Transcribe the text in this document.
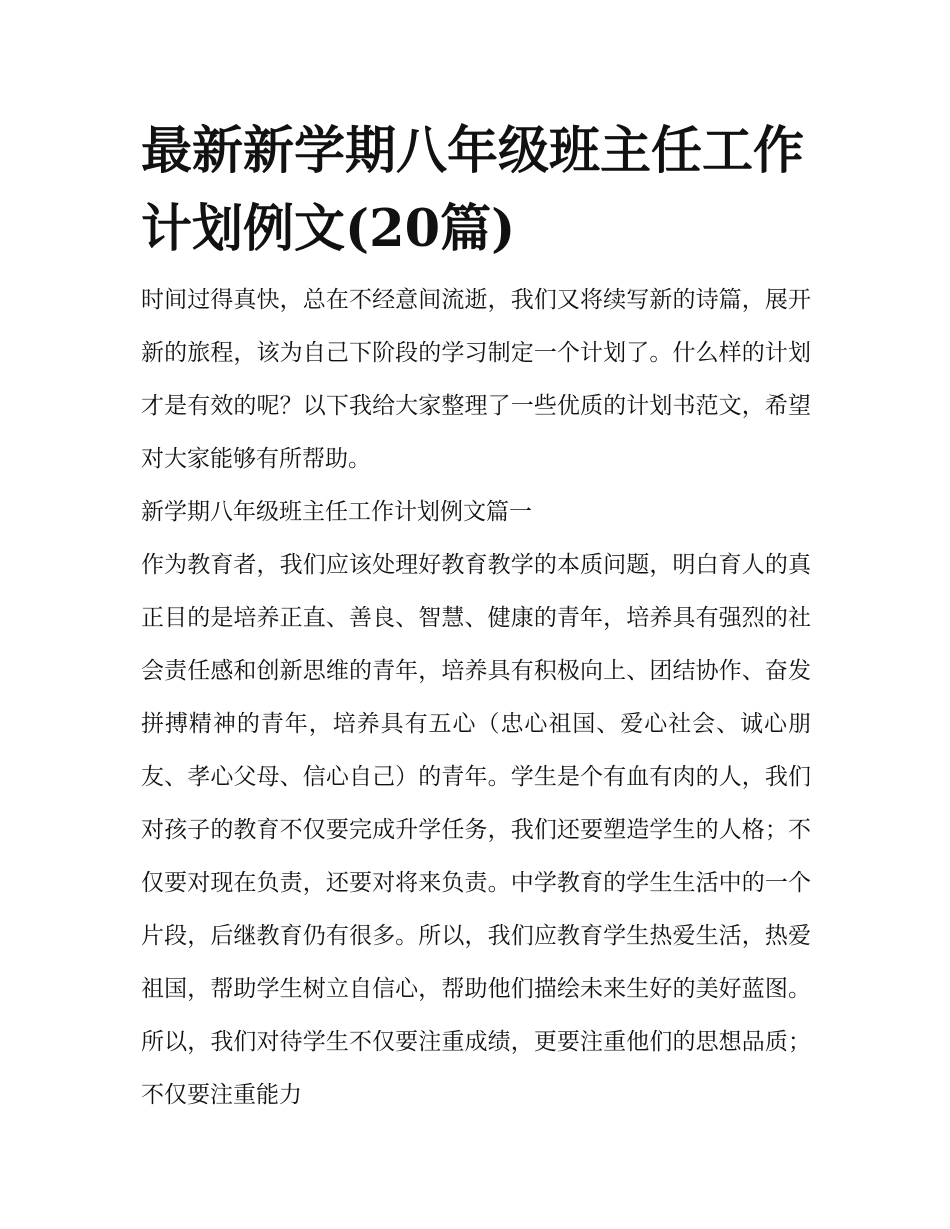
最新新学期八年级班主任工作计划例文(20篇)

时间过得真快，总在不经意间流逝，我们又将续写新的诗篇，展开新的旅程，该为自己下阶段的学习制定一个计划了。什么样的计划才是有效的呢？以下我给大家整理了一些优质的计划书范文，希望对大家能够有所帮助。

新学期八年级班主任工作计划例文篇一

作为教育者，我们应该处理好教育教学的本质问题，明白育人的真正目的是培养正直、善良、智慧、健康的青年，培养具有强烈的社会责任感和创新思维的青年，培养具有积极向上、团结协作、奋发拼搏精神的青年，培养具有五心（忠心祖国、爱心社会、诚心朋友、孝心父母、信心自己）的青年。学生是个有血有肉的人，我们对孩子的教育不仅要完成升学任务，我们还要塑造学生的人格；不仅要对现在负责，还要对将来负责。中学教育的学生生活中的一个片段，后继教育仍有很多。所以，我们应教育学生热爱生活，热爱祖国，帮助学生树立自信心，帮助他们描绘未来生好的美好蓝图。所以，我们对待学生不仅要注重成绩，更要注重他们的思想品质；不仅要注重能力
